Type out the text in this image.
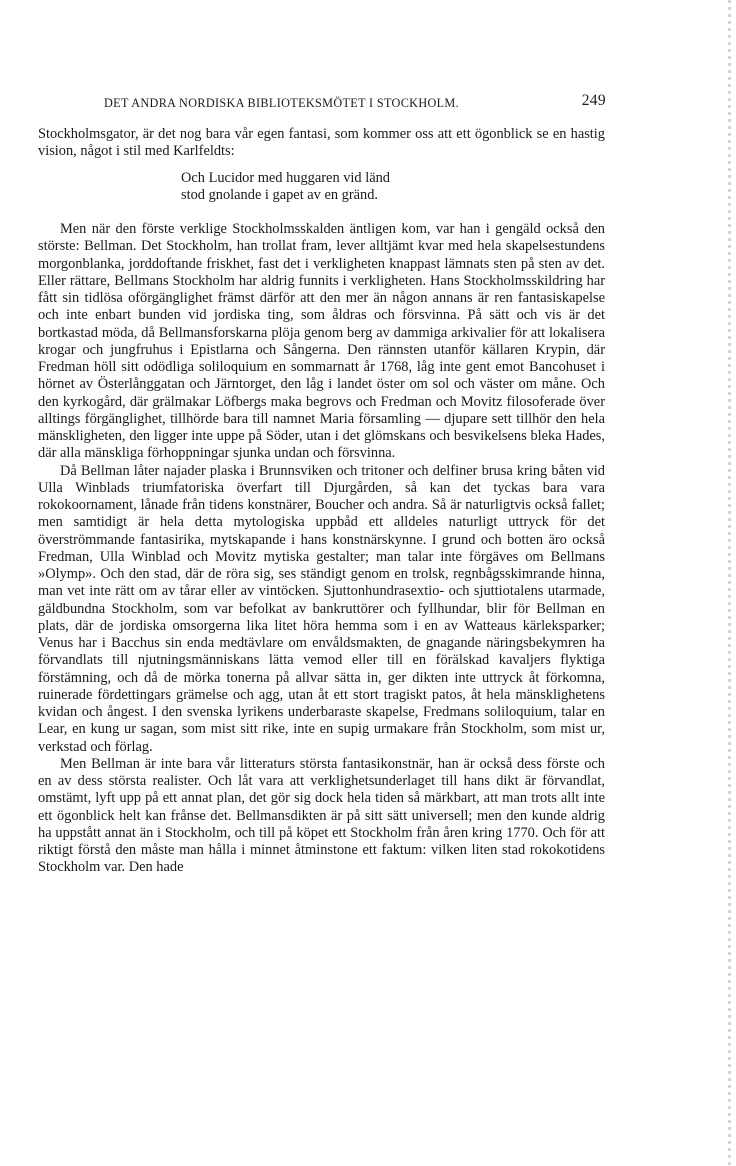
DET ANDRA NORDISKA BIBLIOTEKSMÖTET I STOCKHOLM.	249

Stockholmsgator, är det nog bara vår egen fantasi, som kommer oss att ett ögonblick se en hastig vision, något i stil med Karlfeldts:

Och Lucidor med huggaren vid länd
stod gnolande i gapet av en gränd.

Men när den förste verklige Stockholmsskalden äntligen kom, var han i gengäld också den störste: Bellman. Det Stockholm, han trollat fram, lever alltjämt kvar med hela skapelsestundens morgonblanka, jorddoftande friskhet, fast det i verkligheten knappast lämnats sten på sten av det. Eller rättare, Bellmans Stockholm har aldrig funnits i verkligheten. Hans Stockholmsskildring har fått sin tidlösa oförgänglighet främst därför att den mer än någon annans är ren fantasiskapelse och inte enbart bunden vid jordiska ting, som åldras och försvinna. På sätt och vis är det bortkastad möda, då Bellmansforskarna plöja genom berg av dammiga arkivalier för att lokalisera krogar och jungfruhus i Epistlarna och Sångerna. Den rännsten utanför källaren Krypin, där Fredman höll sitt odödliga soliloquium en sommarnatt år 1768, låg inte gent emot Bancohuset i hörnet av Österlånggatan och Järntorget, den låg i landet öster om sol och väster om måne. Och den kyrkogård, där grälmakar Löfbergs maka begrovs och Fredman och Movitz filosoferade över alltings förgänglighet, tillhörde bara till namnet Maria församling — djupare sett tillhör den hela mänskligheten, den ligger inte uppe på Söder, utan i det glömskans och besvikelsens bleka Hades, där alla mänskliga förhoppningar sjunka undan och försvinna.

Då Bellman låter najader plaska i Brunnsviken och tritoner och delfiner brusa kring båten vid Ulla Winblads triumfatoriska överfart till Djurgården, så kan det tyckas bara vara rokokoornament, lånade från tidens konstnärer, Boucher och andra. Så är naturligtvis också fallet; men samtidigt är hela detta mytologiska uppbåd ett alldeles naturligt uttryck för det överströmmande fantasirika, mytskapande i hans konstnärskynne. I grund och botten äro också Fredman, Ulla Winblad och Movitz mytiska gestalter; man talar inte förgäves om Bellmans »Olymp». Och den stad, där de röra sig, ses ständigt genom en trolsk, regnbågsskimrande hinna, man vet inte rätt om av tårar eller av vintöcken. Sjuttonhundrasextio- och sjuttiotalens utarmade, gäldbundna Stockholm, som var befolkat av bankruttörer och fyllhundar, blir för Bellman en plats, där de jordiska omsorgerna lika litet höra hemma som i en av Watteaus kärleksparker; Venus har i Bacchus sin enda medtävlare om envåldsmakten, de gnagande näringsbekymren ha förvandlats till njutningsmänniskans lätta vemod eller till en förälskad kavaljers flyktiga förstämning, och då de mörka tonerna på allvar sätta in, ger dikten inte uttryck åt förkomna, ruinerade fördettingars grämelse och agg, utan åt ett stort tragiskt patos, åt hela mänsklighetens kvidan och ångest. I den svenska lyrikens underbaraste skapelse, Fredmans soliloquium, talar en Lear, en kung ur sagan, som mist sitt rike, inte en supig urmakare från Stockholm, som mist ur, verkstad och förlag.

Men Bellman är inte bara vår litteraturs största fantasikonstnär, han är också dess förste och en av dess största realister. Och låt vara att verklighetsunderlaget till hans dikt är förvandlat, omstämt, lyft upp på ett annat plan, det gör sig dock hela tiden så märkbart, att man trots allt inte ett ögonblick helt kan frånse det. Bellmansdikten är på sitt sätt universell; men den kunde aldrig ha uppstått annat än i Stockholm, och till på köpet ett Stockholm från åren kring 1770. Och för att riktigt förstå den måste man hålla i minnet åtminstone ett faktum: vilken liten stad rokokotidens Stockholm var. Den hade
